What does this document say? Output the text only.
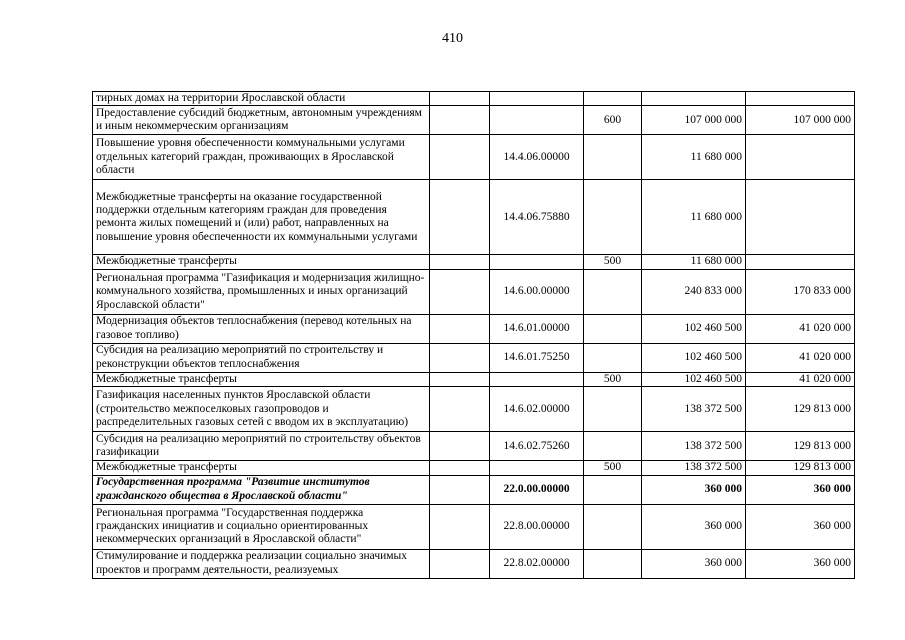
410
тирных домах на территории Ярославской области					
Предоставление субсидий бюджетным, автономным учреждениям и иным некоммерческим организациям			600	107 000 000	107 000 000
Повышение уровня обеспеченности коммунальными услугами отдельных категорий граждан, проживающих в Ярославской области		14.4.06.00000		11 680 000	
Межбюджетные трансферты на оказание государственной поддержки отдельным категориям граждан для проведения ремонта жилых помещений и (или) работ, направленных на повышение уровня обеспеченности их коммунальными услугами		14.4.06.75880		11 680 000	
Межбюджетные трансферты			500	11 680 000	
Региональная программа "Газификация и модернизация жилищно-коммунального хозяйства, промышленных и иных организаций Ярославской области"		14.6.00.00000		240 833 000	170 833 000
Модернизация объектов теплоснабжения (перевод котельных на газовое топливо)		14.6.01.00000		102 460 500	41 020 000
Субсидия на реализацию мероприятий по строительству и реконструкции объектов теплоснабжения		14.6.01.75250		102 460 500	41 020 000
Межбюджетные трансферты			500	102 460 500	41 020 000
Газификация населенных пунктов Ярославской области (строительство межпоселковых газопроводов и распределительных газовых сетей с вводом их в эксплуатацию)		14.6.02.00000		138 372 500	129 813 000
Субсидия на реализацию мероприятий по строительству объектов газификации		14.6.02.75260		138 372 500	129 813 000
Межбюджетные трансферты			500	138 372 500	129 813 000
Государственная программа "Развитие институтов гражданского общества в Ярославской области"		22.0.00.00000		360 000	360 000
Региональная программа "Государственная поддержка гражданских инициатив и социально ориентированных некоммерческих организаций в Ярославской области"		22.8.00.00000		360 000	360 000
Стимулирование и поддержка реализации социально значимых проектов и программ деятельности, реализуемых		22.8.02.00000		360 000	360 000
